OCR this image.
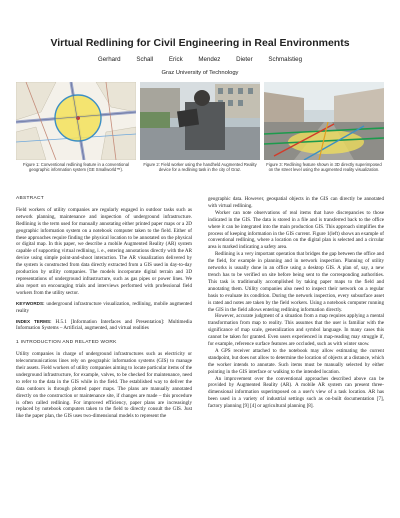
Virtual Redlining for Civil Engineering in Real Environments
Gerhard Schall	Erick Mendez	Dieter Schmalstieg
Graz University of Technology
Figure 1: Conventional redlining feature in a conventional geographic information system (GE Smallworld™).
Figure 2: Field worker using the handheld Augmented Reality device for a redlining task in the city of Graz.
Figure 3: Redlining feature shown in 3D directly superimposed on the street level using the augmented reality visualization.
ABSTRACT
Field workers of utility companies are regularly engaged in outdoor tasks such as network planning, maintenance and inspection of underground infrastructure. Redlining is the term used for manually annotating either printed paper maps or a 2D geographic information system on a notebook computer taken to the field. Either of these approaches require finding the physical location to be annotated on the physical or digital map. In this paper, we describe a mobile Augmented Reality (AR) system capable of supporting virtual redlining, i. e., entering annotations directly with the AR device using simple point-and-shoot interaction. The AR visualization delivered by the system is constructed from data directly extracted from a GIS used in day-to-day production by utility companies. The models incorporate digital terrain and 3D representations of underground infrastructure, such as gas pipes or power lines. We also report on encouraging trials and interviews performed with professional field workers from the utility sector.
KEYWORDS: underground infrastructure visualization, redlining, mobile augmented reality
INDEX TERMS: H.5.1 [Information Interfaces and Presentation]: Multimedia Information Systems – Artificial, augmented, and virtual realities
1 INTRODUCTION AND RELATED WORK
Utility companies in charge of underground infrastructures such as electricity or telecommunications lines rely on geographic information systems (GIS) to manage their assets. Field workers of utility companies aiming to locate particular items of the underground infrastructure, for example, valves, to be checked for maintenance, need to refer to the data in the GIS while in the field. The established way to deliver the data outdoors is through plotted paper maps. The plans are manually annotated directly on the construction or maintenance site, if changes are made – this procedure is often called redlining. For improved efficiency, paper plans are increasingly replaced by notebook computers taken to the field to directly consult the GIS. Just like the paper plan, the GIS uses two-dimensional models to represent the
geographic data. However, geospatial objects in the GIS can directly be annotated with virtual redlining.
Worker can note observations of real items that have discrepancies to those indicated in the GIS. The data is stored in a file and is transferred back to the office where it can be integrated into the main production GIS. This approach simplifies the process of keeping information in the GIS current. Figure 1(left) shows an example of conventional redlining, where a location on the digital plan is selected and a circular area is marked indicating a safety area.
Redlining is a very important operation that bridges the gap between the office and the field, for example in planning and in network inspection. Planning of utility networks is usually done in an office using a desktop GIS. A plan of, say, a new trench has to be verified on site before being sent to the corresponding authorities. This task is traditionally accomplished by taking paper maps to the field and annotating them. Utility companies also need to inspect their network on a regular basis to evaluate its condition. During the network inspection, every subsurface asset is rated and notes are taken by the field workers. Using a notebook computer running the GIS in the field allows entering redlining information directly.
However, accurate judgment of a situation from a map requires applying a mental transformation from map to reality. This assumes that the user is familiar with the significance of map scale, generalization and symbol language. In many cases this cannot be taken for granted. Even users experienced in map-reading may struggle if, for example, reference surface features are occluded, such as with winter snow.
A GPS receiver attached to the notebook may allow estimating the current standpoint, but does not allow to determine the location of objects at a distance, which the worker intends to annotate. Such items must be manually selected by either pointing in the GIS interface or walking to the intended location.
An improvement over the conventional approaches described above can be provided by Augmented Reality (AR). A mobile AR system can present three-dimensional information superimposed on a user's view of a task location. AR has been used in a variety of industrial settings such as on-built documentation [7], factory planning [9] [4] or agricultural planning [8].
